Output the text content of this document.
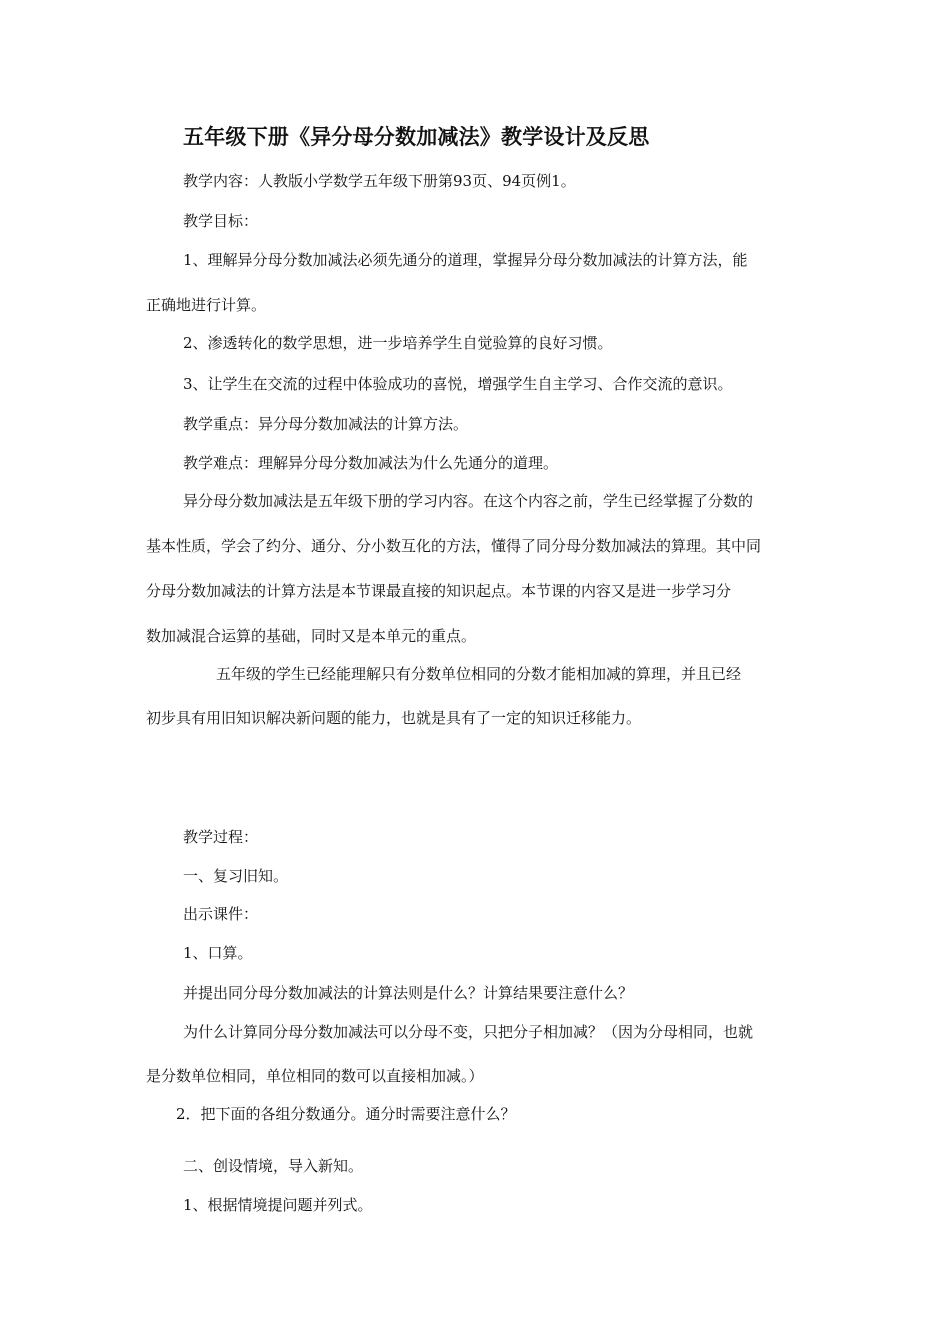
五年级下册《异分母分数加减法》教学设计及反思
教学内容：人教版小学数学五年级下册第93页、94页例1。
教学目标：
1、理解异分母分数加减法必须先通分的道理，掌握异分母分数加减法的计算方法，能
正确地进行计算。
2、渗透转化的数学思想，进一步培养学生自觉验算的良好习惯。
3、让学生在交流的过程中体验成功的喜悦，增强学生自主学习、合作交流的意识。
教学重点：异分母分数加减法的计算方法。
教学难点：理解异分母分数加减法为什么先通分的道理。
异分母分数加减法是五年级下册的学习内容。在这个内容之前，学生已经掌握了分数的
基本性质，学会了约分、通分、分小数互化的方法，懂得了同分母分数加减法的算理。其中同
分母分数加减法的计算方法是本节课最直接的知识起点。本节课的内容又是进一步学习分
数加减混合运算的基础，同时又是本单元的重点。
五年级的学生已经能理解只有分数单位相同的分数才能相加减的算理，并且已经
初步具有用旧知识解决新问题的能力，也就是具有了一定的知识迁移能力。
教学过程：
一、复习旧知。
出示课件：
1、口算。
并提出同分母分数加减法的计算法则是什么？计算结果要注意什么？
为什么计算同分母分数加减法可以分母不变，只把分子相加减？（因为分母相同，也就
是分数单位相同，单位相同的数可以直接相加减。）
2．把下面的各组分数通分。通分时需要注意什么？
二、创设情境，导入新知。
1、根据情境提问题并列式。
